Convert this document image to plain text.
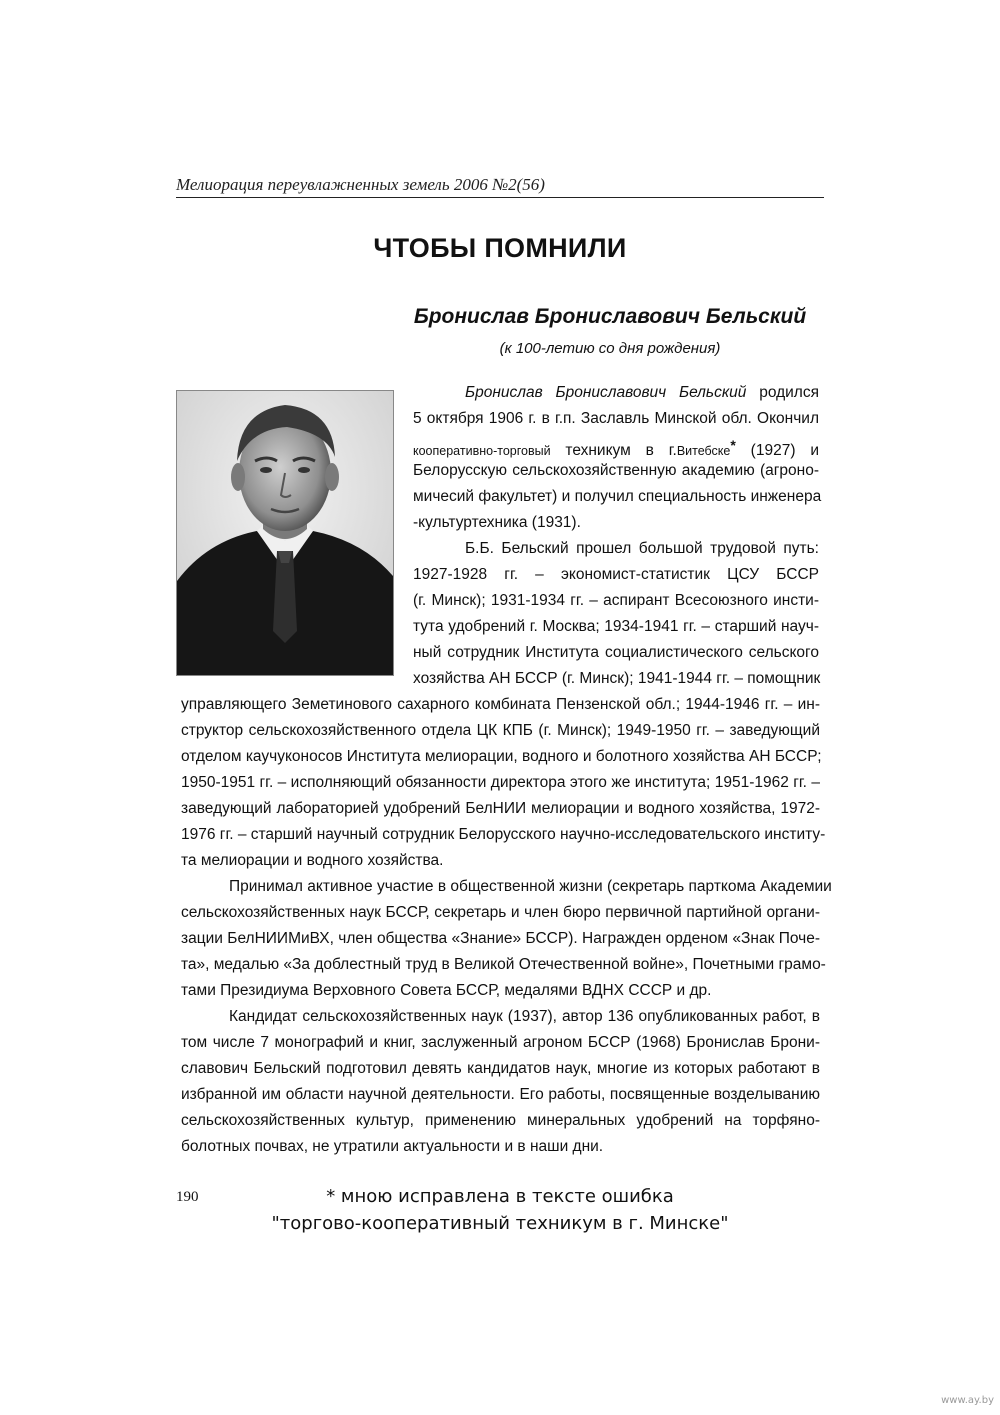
Мелиорация переувлажненных земель 2006 №2(56)
ЧТОБЫ ПОМНИЛИ
Бронислав Брониславович Бельский
(к 100-летию со дня рождения)
Бронислав Брониславович Бельский родился
5 октября 1906 г. в г.п. Заславль Минской обл. Окончил
кооперативно-торговый техникум в г.Витебске* (1927) и
Белорусскую сельскохозяйственную академию (агроно-
мичесий факультет) и получил специальность инженера
-культуртехника (1931).
Б.Б. Бельский прошел большой трудовой путь:
1927-1928 гг. – экономист-статистик ЦСУ БССР
(г. Минск); 1931-1934 гг. – аспирант Всесоюзного инсти-
тута удобрений г. Москва; 1934-1941 гг. – старший науч-
ный сотрудник Института социалистического сельского
хозяйства АН БССР (г. Минск); 1941-1944 гг. – помощник
управляющего Земетинового сахарного комбината Пензенской обл.; 1944-1946 гг. – ин-
структор сельскохозяйственного отдела ЦК КПБ (г. Минск); 1949-1950 гг. – заведующий
отделом каучуконосов Института мелиорации, водного и болотного хозяйства АН БССР;
1950-1951 гг. – исполняющий обязанности директора этого же института; 1951-1962 гг. –
заведующий лабораторией удобрений БелНИИ мелиорации и водного хозяйства, 1972-
1976 гг. – старший научный сотрудник Белорусского научно-исследовательского институ-
та мелиорации и водного хозяйства.
Принимал активное участие в общественной жизни (секретарь парткома Академии
сельскохозяйственных наук БССР, секретарь и член бюро первичной партийной органи-
зации БелНИИМиВХ, член общества «Знание» БССР). Награжден орденом «Знак Поче-
та», медалью «За доблестный труд в Великой Отечественной войне», Почетными грамо-
тами Президиума Верховного Совета БССР, медалями ВДНХ СССР и др.
Кандидат сельскохозяйственных наук (1937), автор 136 опубликованных работ, в
том числе 7 монографий и книг, заслуженный агроном БССР (1968) Бронислав Брони-
славович Бельский подготовил девять кандидатов наук, многие из которых работают в
избранной им области научной деятельности. Его работы, посвященные возделыванию
сельскохозяйственных культур, применению минеральных удобрений на торфяно-
болотных почвах, не утратили актуальности и в наши дни.
190	* мною исправлена в тексте ошибка
"торгово-кооперативный техникум в г. Минске"
www.ay.by
